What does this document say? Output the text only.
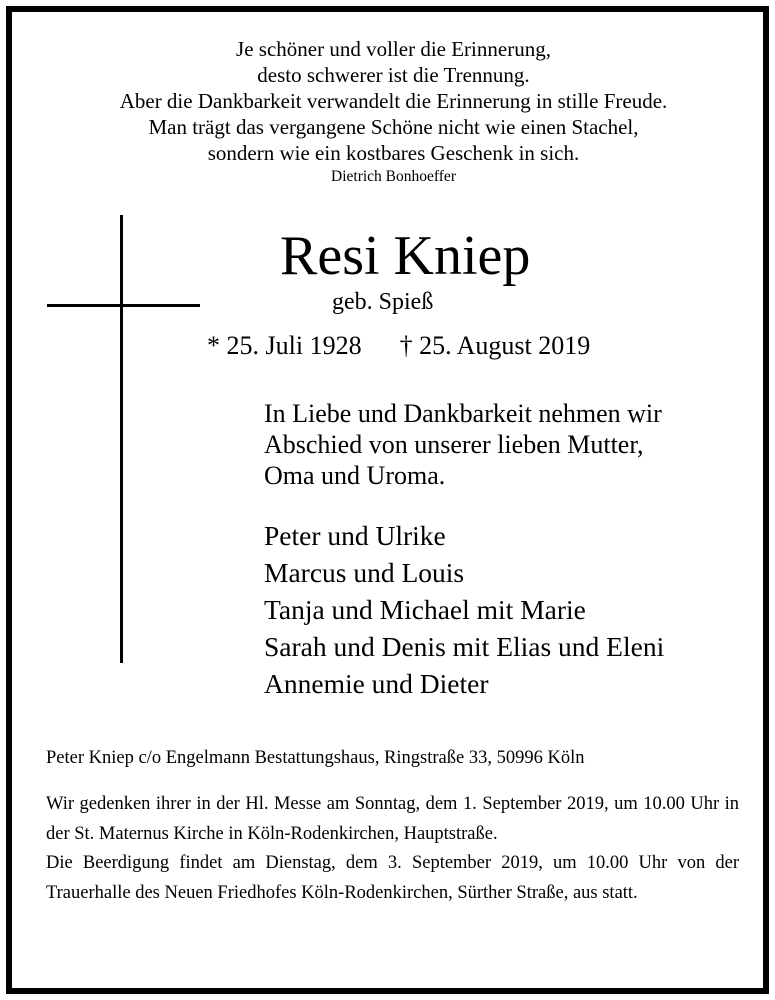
Je schöner und voller die Erinnerung,
desto schwerer ist die Trennung.
Aber die Dankbarkeit verwandelt die Erinnerung in stille Freude.
Man trägt das vergangene Schöne nicht wie einen Stachel,
sondern wie ein kostbares Geschenk in sich.
Dietrich Bonhoeffer
Resi Kniep
geb. Spieß
* 25. Juli 1928 † 25. August 2019
In Liebe und Dankbarkeit nehmen wir
Abschied von unserer lieben Mutter,
Oma und Uroma.
Peter und Ulrike
Marcus und Louis
Tanja und Michael mit Marie
Sarah und Denis mit Elias und Eleni
Annemie und Dieter
Peter Kniep c/o Engelmann Bestattungshaus, Ringstraße 33, 50996 Köln

Wir gedenken ihrer in der Hl. Messe am Sonntag, dem 1. September 2019, um 10.00 Uhr in der St. Maternus Kirche in Köln-Rodenkirchen, Hauptstraße.

Die Beerdigung findet am Dienstag, dem 3. September 2019, um 10.00 Uhr von der Trauerhalle des Neuen Friedhofes Köln-Rodenkirchen, Sürther Straße, aus statt.
